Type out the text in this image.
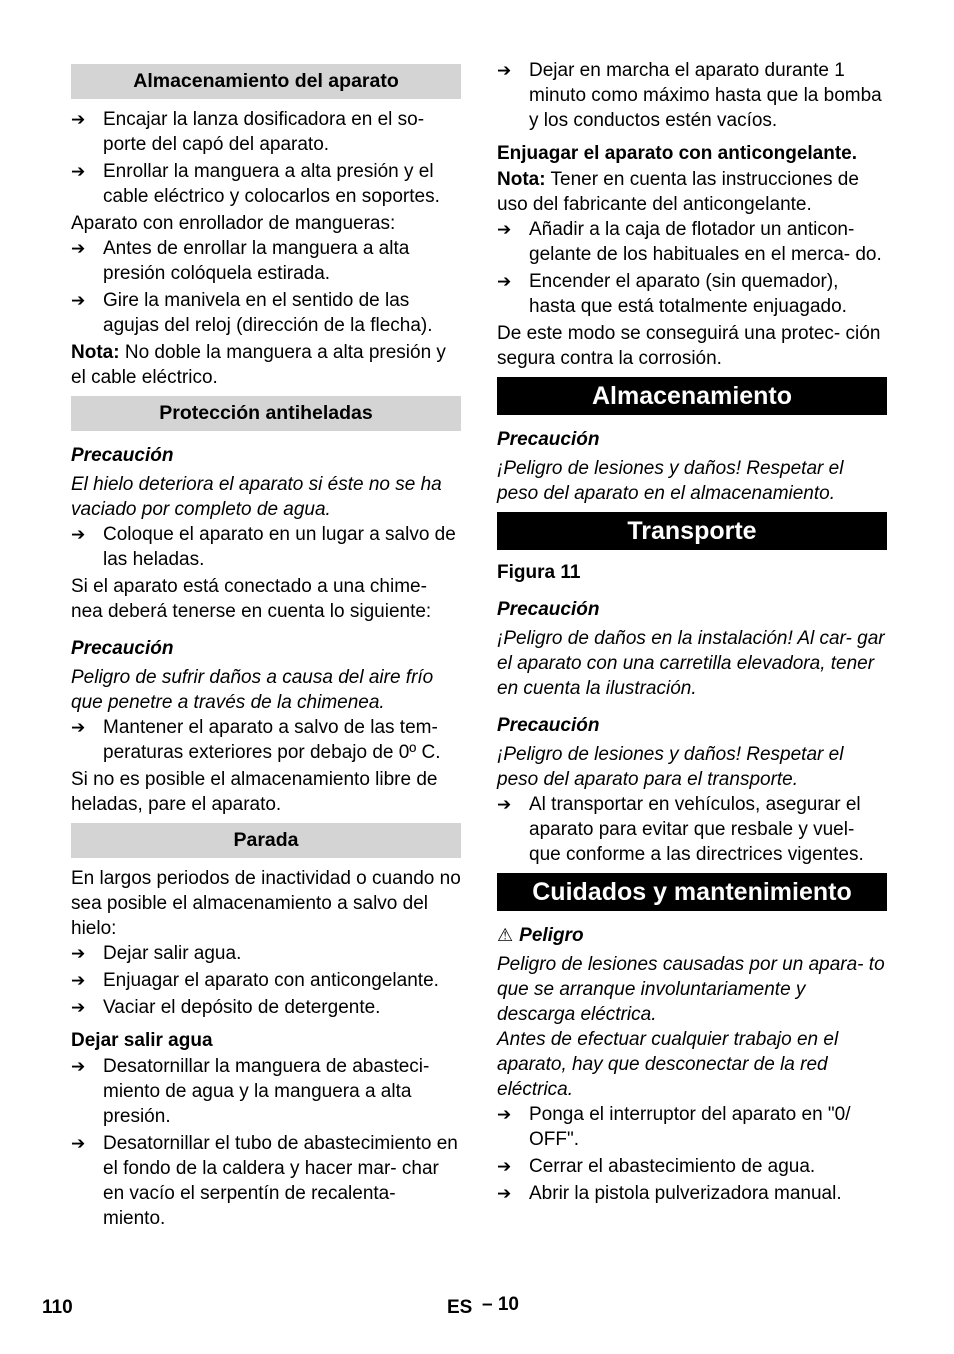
Almacenamiento del aparato
➔ Encajar la lanza dosificadora en el so- porte del capó del aparato.
➔ Enrollar la manguera a alta presión y el cable eléctrico y colocarlos en soportes.

Aparato con enrollador de mangueras:

➔ Antes de enrollar la manguera a alta presión colóquela estirada.
➔ Gire la manivela en el sentido de las agujas del reloj (dirección de la flecha).

Nota: No doble la manguera a alta presión y el cable eléctrico.

Protección antiheladas
Precaución

El hielo deteriora el aparato si éste no se ha vaciado por completo de agua.

➔ Coloque el aparato en un lugar a salvo de las heladas.

Si el aparato está conectado a una chime- nea deberá tenerse en cuenta lo siguiente:

Precaución

Peligro de sufrir daños a causa del aire frío que penetre a través de la chimenea.

➔ Mantener el aparato a salvo de las tem- peraturas exteriores por debajo de 0º C.

Si no es posible el almacenamiento libre de heladas, pare el aparato.

Parada

En largos periodos de inactividad o cuando no sea posible el almacenamiento a salvo del hielo:

➔ Dejar salir agua.
➔ Enjuagar el aparato con anticongelante.
➔ Vaciar el depósito de detergente.
Dejar salir agua
➔ Desatornillar la manguera de abasteci- miento de agua y la manguera a alta presión.
➔ Desatornillar el tubo de abastecimiento en el fondo de la caldera y hacer mar- char en vacío el serpentín de recalenta- miento.
➔ Dejar en marcha el aparato durante 1 minuto como máximo hasta que la bomba y los conductos estén vacíos.
Enjuagar el aparato con anticongelante.

Nota: Tener en cuenta las instrucciones de uso del fabricante del anticongelante.

➔ Añadir a la caja de flotador un anticon- gelante de los habituales en el merca- do.
➔ Encender el aparato (sin quemador), hasta que está totalmente enjuagado.

De este modo se conseguirá una protec- ción segura contra la corrosión.

Almacenamiento
Precaución

¡Peligro de lesiones y daños! Respetar el peso del aparato en el almacenamiento.

Transporte
Figura 11
Precaución

¡Peligro de daños en la instalación! Al car- gar el aparato con una carretilla elevadora, tener en cuenta la ilustración.

Precaución

¡Peligro de lesiones y daños! Respetar el peso del aparato para el transporte.

➔ Al transportar en vehículos, asegurar el aparato para evitar que resbale y vuel- que conforme a las directrices vigentes.
Cuidados y mantenimiento
⚠ Peligro

Peligro de lesiones causadas por un apara- to que se arranque involuntariamente y descarga eléctrica.

Antes de efectuar cualquier trabajo en el aparato, hay que desconectar de la red eléctrica.

➔ Ponga el interruptor del aparato en "0/ OFF".
➔ Cerrar el abastecimiento de agua.
➔ Abrir la pistola pulverizadora manual.
110	ES – 10
